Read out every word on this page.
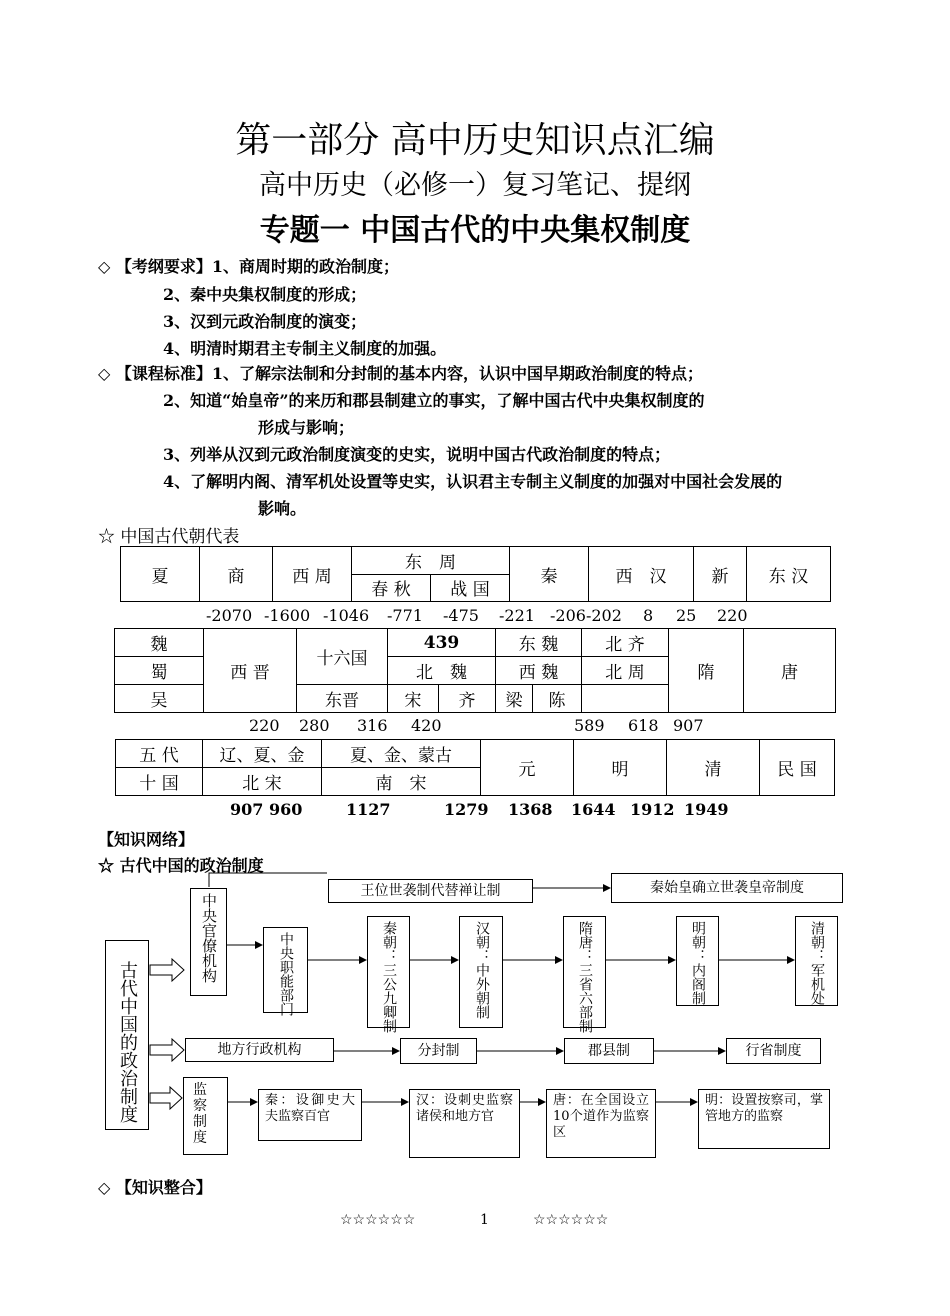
第一部分 高中历史知识点汇编
高中历史（必修一）复习笔记、提纲
专题一 中国古代的中央集权制度
◇ 【考纲要求】1、商周时期的政治制度；
2、秦中央集权制度的形成；
3、汉到元政治制度的演变；
4、明清时期君主专制主义制度的加强。
◇ 【课程标准】1、了解宗法制和分封制的基本内容，认识中国早期政治制度的特点；
2、知道“始皇帝”的来历和郡县制建立的事实，了解中国古代中央集权制度的
形成与影响；
3、列举从汉到元政治制度演变的史实，说明中国古代政治制度的特点；
4、了解明内阁、清军机处设置等史实，认识君主专制主义制度的加强对中国社会发展的
影响。
☆ 中国古代朝代表
夏	商	西 周	东　周		秦	西　汉	新	东 汉
			春 秋	战 国				
-2070 -1600 -1046 -771 -475 -221 -206-202 8 25 220
魏	西 晋	十六国	439		东 魏		北 齐	隋	唐
蜀			北　魏		西 魏		北 周		
吴		东晋	宋	齐	梁	陈			
220 280 316 420	589 618 907
五 代	辽、夏、金	夏、金、蒙古	元	明	清	民 国
十 国	北 宋	南　宋				
907 960	1127	1279 1368 1644 1912 1949
【知识网络】
☆ 古代中国的政治制度
古代中国的政治制度
中央官僚机构	中央职能部门	秦朝：三公九卿制	汉朝：中外朝制	隋唐：三省六部制	明朝：内阁制	清朝：军机处
王位世袭制代替禅让制	秦始皇确立世袭皇帝制度
地方行政机构	分封制	郡县制	行省制度
监察制度
秦：设御史大夫监察百官
汉：设刺史监察诸侯和地方官
唐：在全国设立10个道作为监察区
明：设置按察司，掌管地方的监察
◇ 【知识整合】
☆☆☆☆☆☆	1	☆☆☆☆☆☆
